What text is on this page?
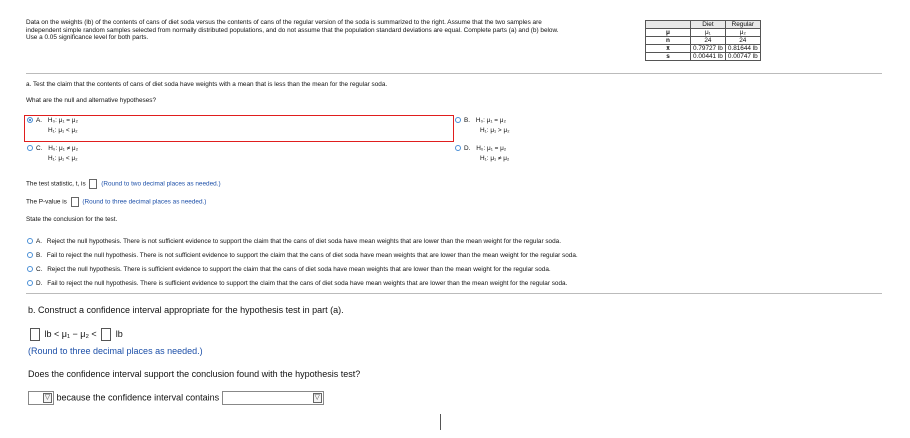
Data on the weights (lb) of the contents of cans of diet soda versus the contents of cans of the regular version of the soda is summarized to the right. Assume that the two samples are
independent simple random samples selected from normally distributed populations, and do not assume that the population standard deviations are equal. Complete parts (a) and (b) below.
Use a 0.05 significance level for both parts.
	Diet	Regular
μ	μ₁	μ₂
n	24	24
x̄	0.79727 lb	0.81644 lb
s	0.00441 lb	0.00747 lb
a. Test the claim that the contents of cans of diet soda have weights with a mean that is less than the mean for the regular soda.
What are the null and alternative hypotheses?
A. H₀: μ₁ = μ₂
H₁: μ₁ < μ₂
B. H₀: μ₁ = μ₂
H₁: μ₁ > μ₂
C. H₀: μ₁ ≠ μ₂
H₁: μ₁ < μ₂
D. H₀: μ₁ = μ₂
H₁: μ₁ ≠ μ₂
The test statistic, t, is (Round to two decimal places as needed.)
The P-value is (Round to three decimal places as needed.)
State the conclusion for the test.
A. Reject the null hypothesis. There is not sufficient evidence to support the claim that the cans of diet soda have mean weights that are lower than the mean weight for the regular soda.
B. Fail to reject the null hypothesis. There is not sufficient evidence to support the claim that the cans of diet soda have mean weights that are lower than the mean weight for the regular soda.
C. Reject the null hypothesis. There is sufficient evidence to support the claim that the cans of diet soda have mean weights that are lower than the mean weight for the regular soda.
D. Fail to reject the null hypothesis. There is sufficient evidence to support the claim that the cans of diet soda have mean weights that are lower than the mean weight for the regular soda.
b. Construct a confidence interval appropriate for the hypothesis test in part (a).
lb < μ₁ − μ₂ < lb
(Round to three decimal places as needed.)
Does the confidence interval support the conclusion found with the hypothesis test?
▽ because the confidence interval contains	▽
